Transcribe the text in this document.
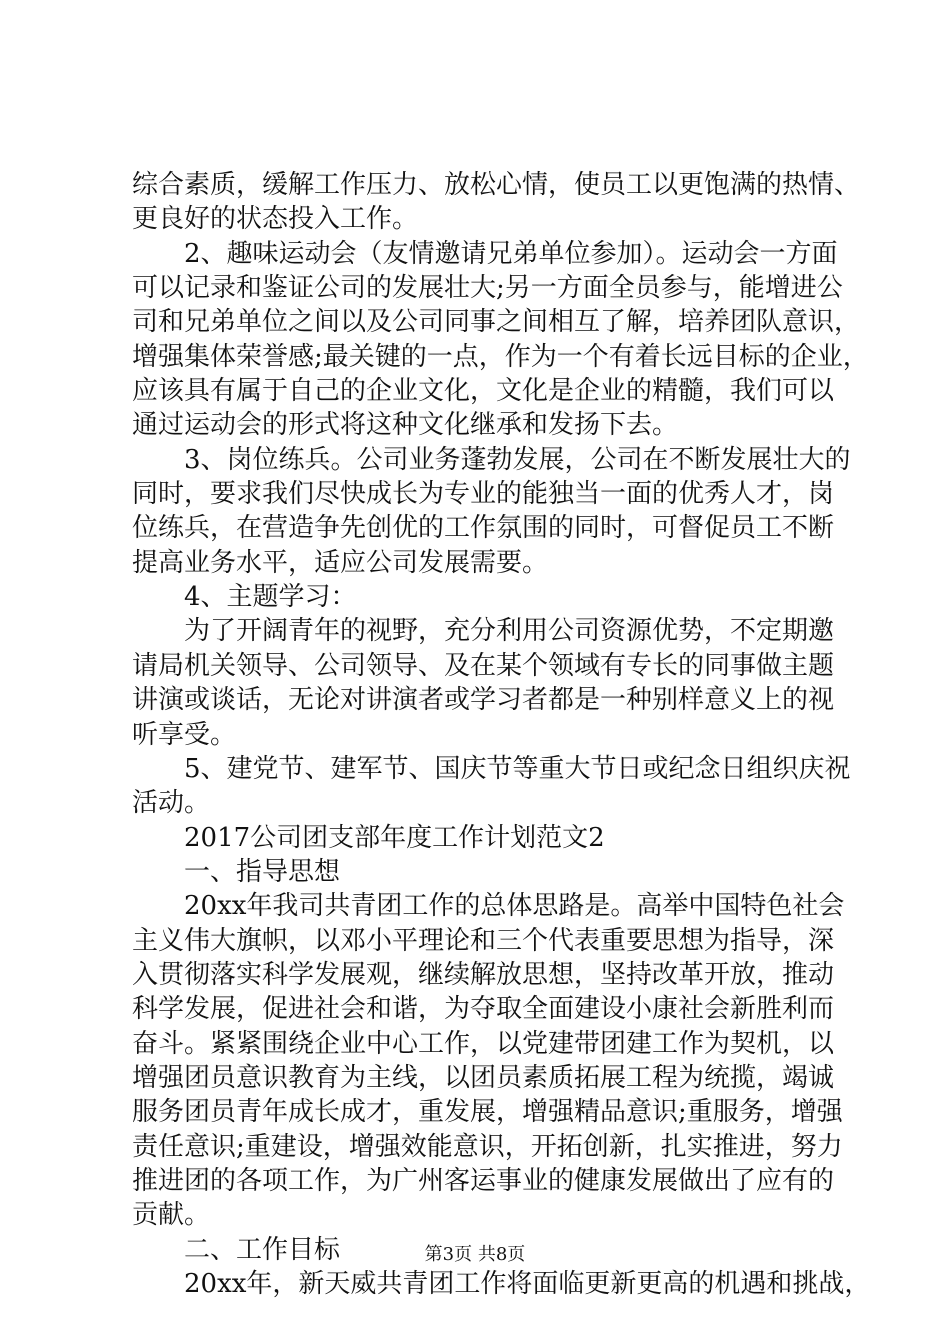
综合素质，缓解工作压力、放松心情，使员工以更饱满的热情、
更良好的状态投入工作。
2、趣味运动会（友情邀请兄弟单位参加）。运动会一方面
可以记录和鉴证公司的发展壮大;另一方面全员参与，能增进公
司和兄弟单位之间以及公司同事之间相互了解，培养团队意识，
增强集体荣誉感;最关键的一点，作为一个有着长远目标的企业，
应该具有属于自己的企业文化，文化是企业的精髓，我们可以
通过运动会的形式将这种文化继承和发扬下去。
3、岗位练兵。公司业务蓬勃发展，公司在不断发展壮大的
同时，要求我们尽快成长为专业的能独当一面的优秀人才，岗
位练兵，在营造争先创优的工作氛围的同时，可督促员工不断
提高业务水平，适应公司发展需要。
4、主题学习：
为了开阔青年的视野，充分利用公司资源优势，不定期邀
请局机关领导、公司领导、及在某个领域有专长的同事做主题
讲演或谈话，无论对讲演者或学习者都是一种别样意义上的视
听享受。
5、建党节、建军节、国庆节等重大节日或纪念日组织庆祝
活动。
2017公司团支部年度工作计划范文2
一、指导思想
20xx年我司共青团工作的总体思路是。高举中国特色社会
主义伟大旗帜，以邓小平理论和三个代表重要思想为指导，深
入贯彻落实科学发展观，继续解放思想，坚持改革开放，推动
科学发展，促进社会和谐，为夺取全面建设小康社会新胜利而
奋斗。紧紧围绕企业中心工作，以党建带团建工作为契机，以
增强团员意识教育为主线，以团员素质拓展工程为统揽，竭诚
服务团员青年成长成才，重发展，增强精品意识;重服务，增强
责任意识;重建设，增强效能意识，开拓创新，扎实推进，努力
推进团的各项工作，为广州客运事业的健康发展做出了应有的
贡献。
二、工作目标
20xx年，新天威共青团工作将面临更新更高的机遇和挑战，
第3页 共8页
